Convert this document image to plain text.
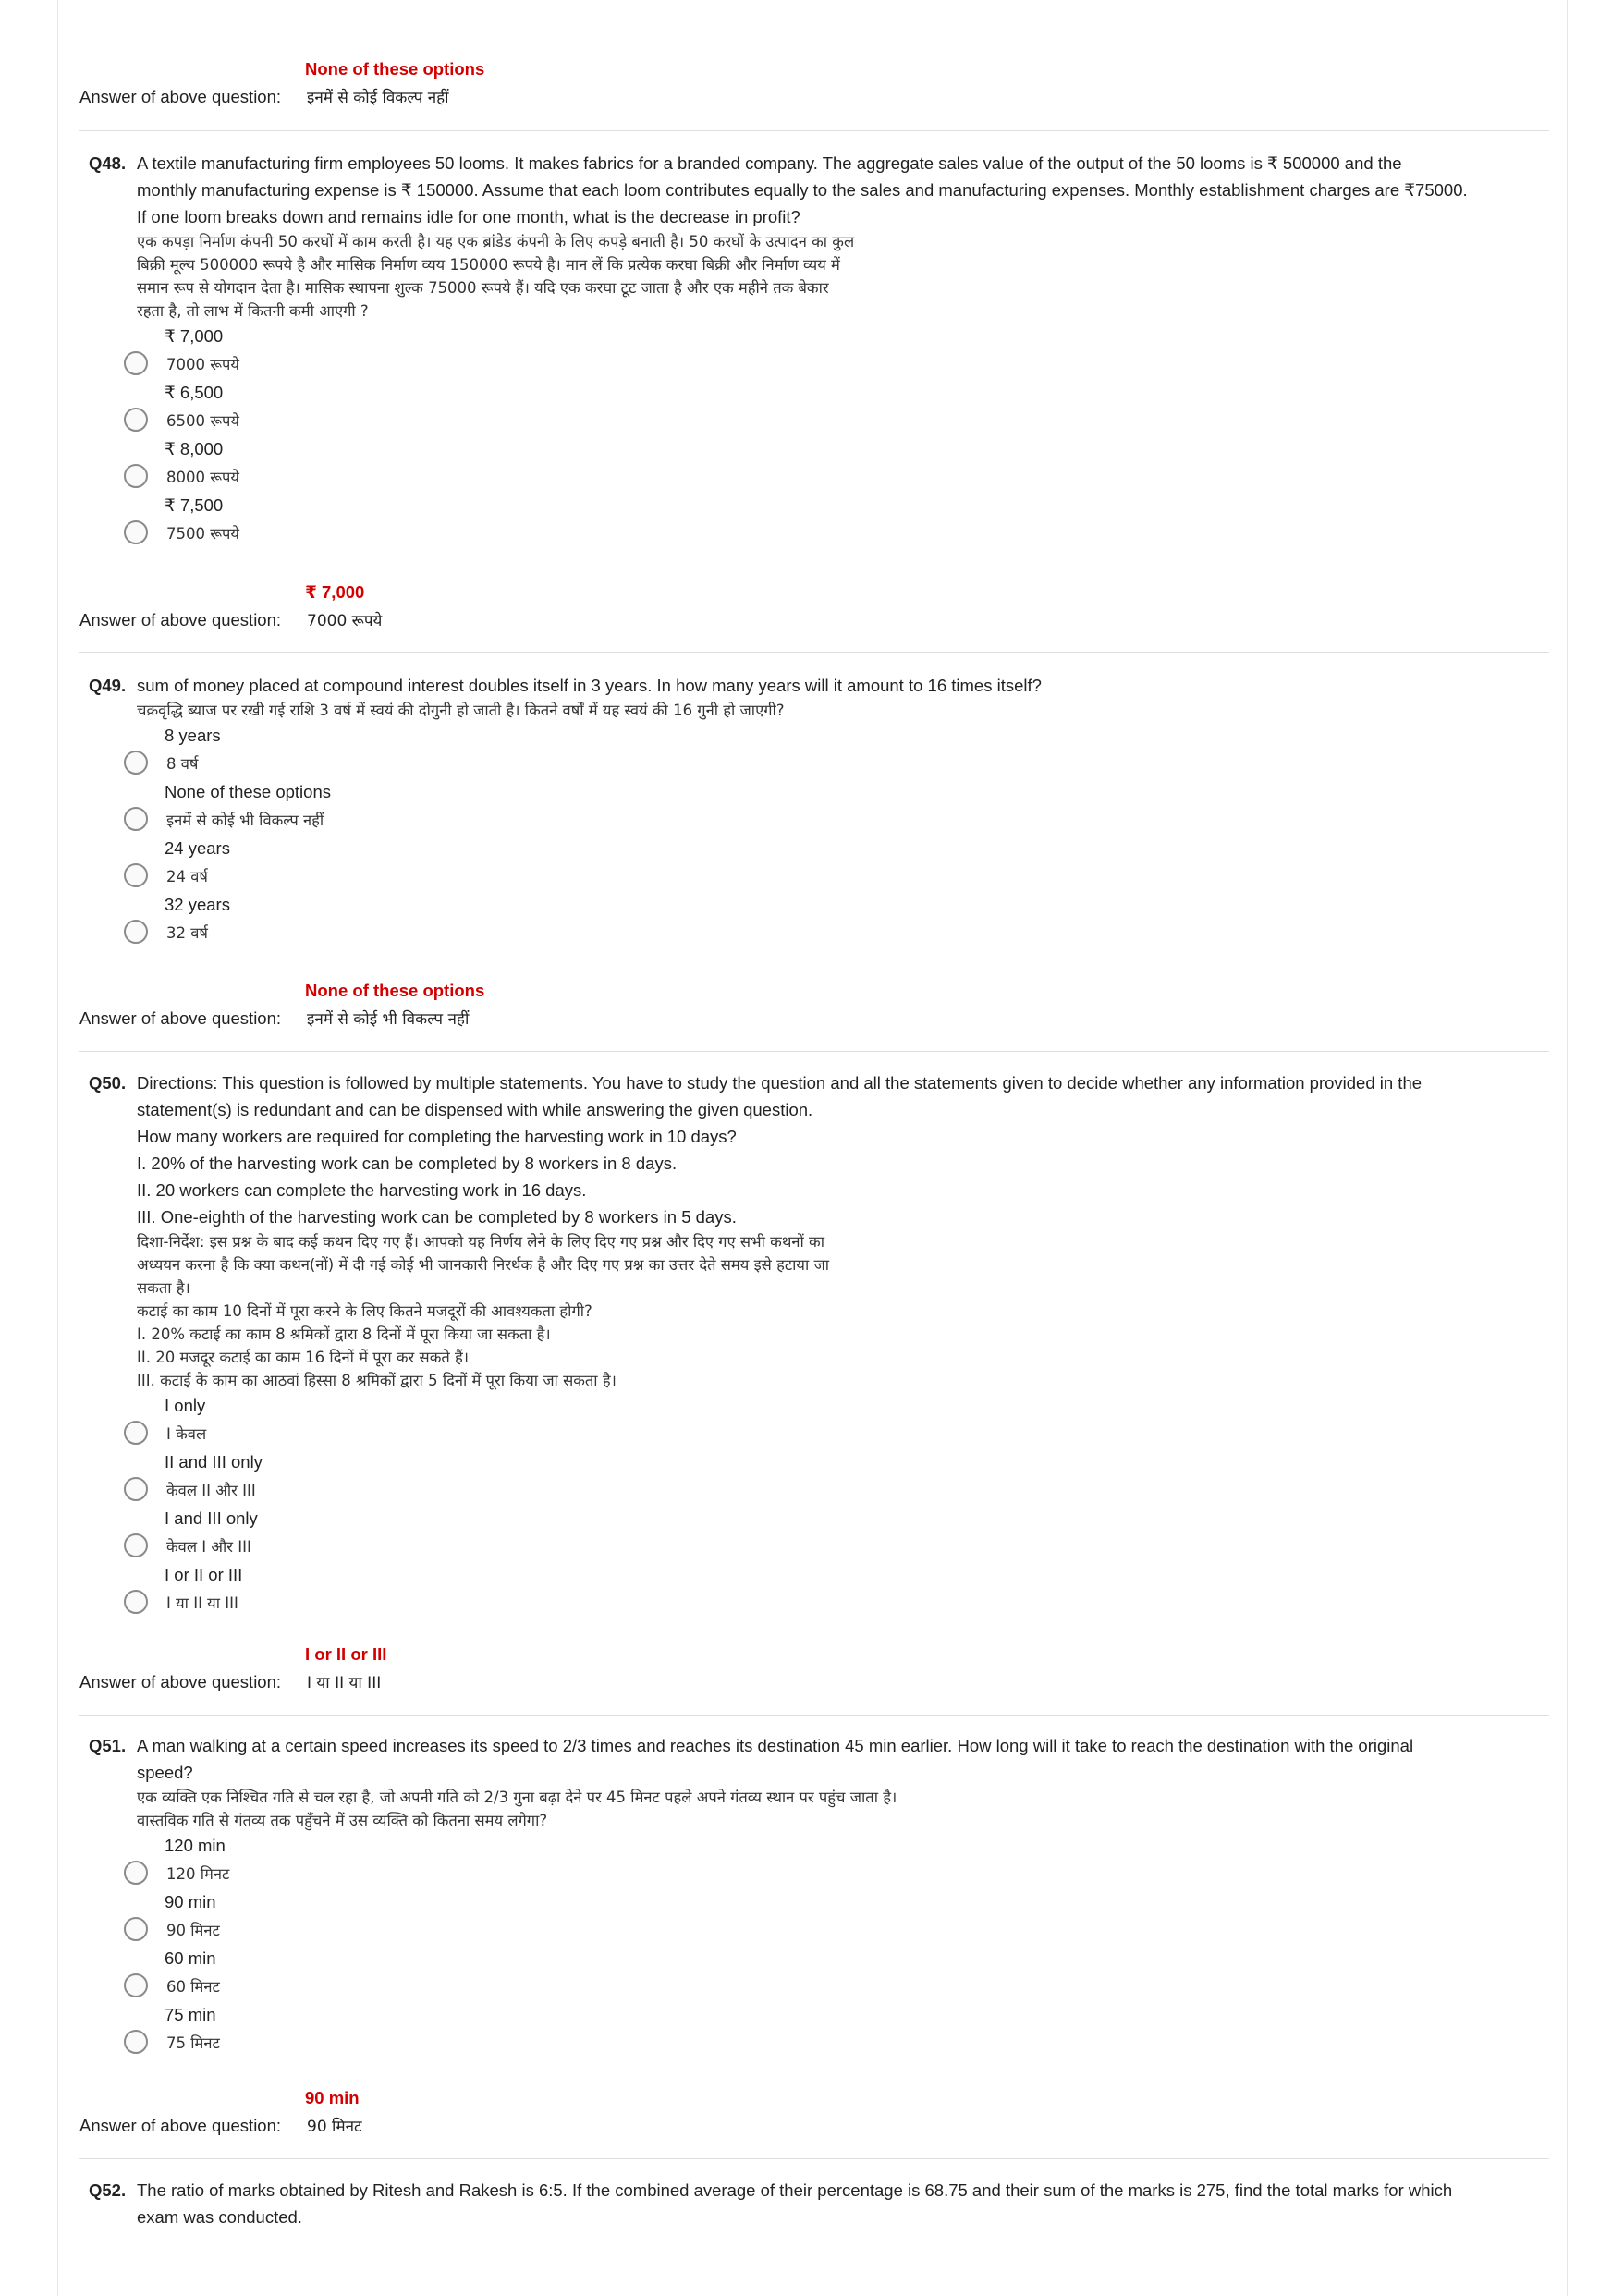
None of these options
Answer of above question: इनमें से कोई विकल्प नहीं
Q48. A textile manufacturing firm employees 50 looms. It makes fabrics for a branded company. The aggregate sales value of the output of the 50 looms is ₹ 500000 and the
monthly manufacturing expense is ₹ 150000. Assume that each loom contributes equally to the sales and manufacturing expenses. Monthly establishment charges are ₹75000.
If one loom breaks down and remains idle for one month, what is the decrease in profit?
एक कपड़ा निर्माण कंपनी 50 करघों में काम करती है। यह एक ब्रांडेड कंपनी के लिए कपड़े बनाती है। 50 करघों के उत्पादन का कुल
बिक्री मूल्य 500000 रूपये है और मासिक निर्माण व्यय 150000 रूपये है। मान लें कि प्रत्येक करघा बिक्री और निर्माण व्यय में
समान रूप से योगदान देता है। मासिक स्थापना शुल्क 75000 रूपये हैं। यदि एक करघा टूट जाता है और एक महीने तक बेकार
रहता है, तो लाभ में कितनी कमी आएगी ?
₹ 7,000
7000 रूपये
₹ 6,500
6500 रूपये
₹ 8,000
8000 रूपये
₹ 7,500
7500 रूपये
₹ 7,000
Answer of above question: 7000 रूपये
Q49. sum of money placed at compound interest doubles itself in 3 years. In how many years will it amount to 16 times itself?
चक्रवृद्धि ब्याज पर रखी गई राशि 3 वर्ष में स्वयं की दोगुनी हो जाती है। कितने वर्षों में यह स्वयं की 16 गुनी हो जाएगी?
8 years
8 वर्ष
None of these options
इनमें से कोई भी विकल्प नहीं
24 years
24 वर्ष
32 years
32 वर्ष
None of these options
Answer of above question: इनमें से कोई भी विकल्प नहीं
Q50. Directions: This question is followed by multiple statements. You have to study the question and all the statements given to decide whether any information provided in the
statement(s) is redundant and can be dispensed with while answering the given question.
How many workers are required for completing the harvesting work in 10 days?
I. 20% of the harvesting work can be completed by 8 workers in 8 days.
II. 20 workers can complete the harvesting work in 16 days.
III. One-eighth of the harvesting work can be completed by 8 workers in 5 days.
दिशा-निर्देश: इस प्रश्न के बाद कई कथन दिए गए हैं। आपको यह निर्णय लेने के लिए दिए गए प्रश्न और दिए गए सभी कथनों का
अध्ययन करना है कि क्या कथन(नों) में दी गई कोई भी जानकारी निरर्थक है और दिए गए प्रश्न का उत्तर देते समय इसे हटाया जा
सकता है।
कटाई का काम 10 दिनों में पूरा करने के लिए कितने मजदूरों की आवश्यकता होगी?
I. 20% कटाई का काम 8 श्रमिकों द्वारा 8 दिनों में पूरा किया जा सकता है।
II. 20 मजदूर कटाई का काम 16 दिनों में पूरा कर सकते हैं।
III. कटाई के काम का आठवां हिस्सा 8 श्रमिकों द्वारा 5 दिनों में पूरा किया जा सकता है।
I only
I केवल
II and III only
केवल II और III
I and III only
केवल I और III
I or II or III
I या II या III
I or II or III
Answer of above question: I या II या III
Q51. A man walking at a certain speed increases its speed to 2/3 times and reaches its destination 45 min earlier. How long will it take to reach the destination with the original
speed?
एक व्यक्ति एक निश्चित गति से चल रहा है, जो अपनी गति को 2/3 गुना बढ़ा देने पर 45 मिनट पहले अपने गंतव्य स्थान पर पहुंच जाता है।
वास्तविक गति से गंतव्य तक पहुँचने में उस व्यक्ति को कितना समय लगेगा?
120 min
120 मिनट
90 min
90 मिनट
60 min
60 मिनट
75 min
75 मिनट
90 min
Answer of above question: 90 मिनट
Q52. The ratio of marks obtained by Ritesh and Rakesh is 6:5. If the combined average of their percentage is 68.75 and their sum of the marks is 275, find the total marks for which
exam was conducted.
